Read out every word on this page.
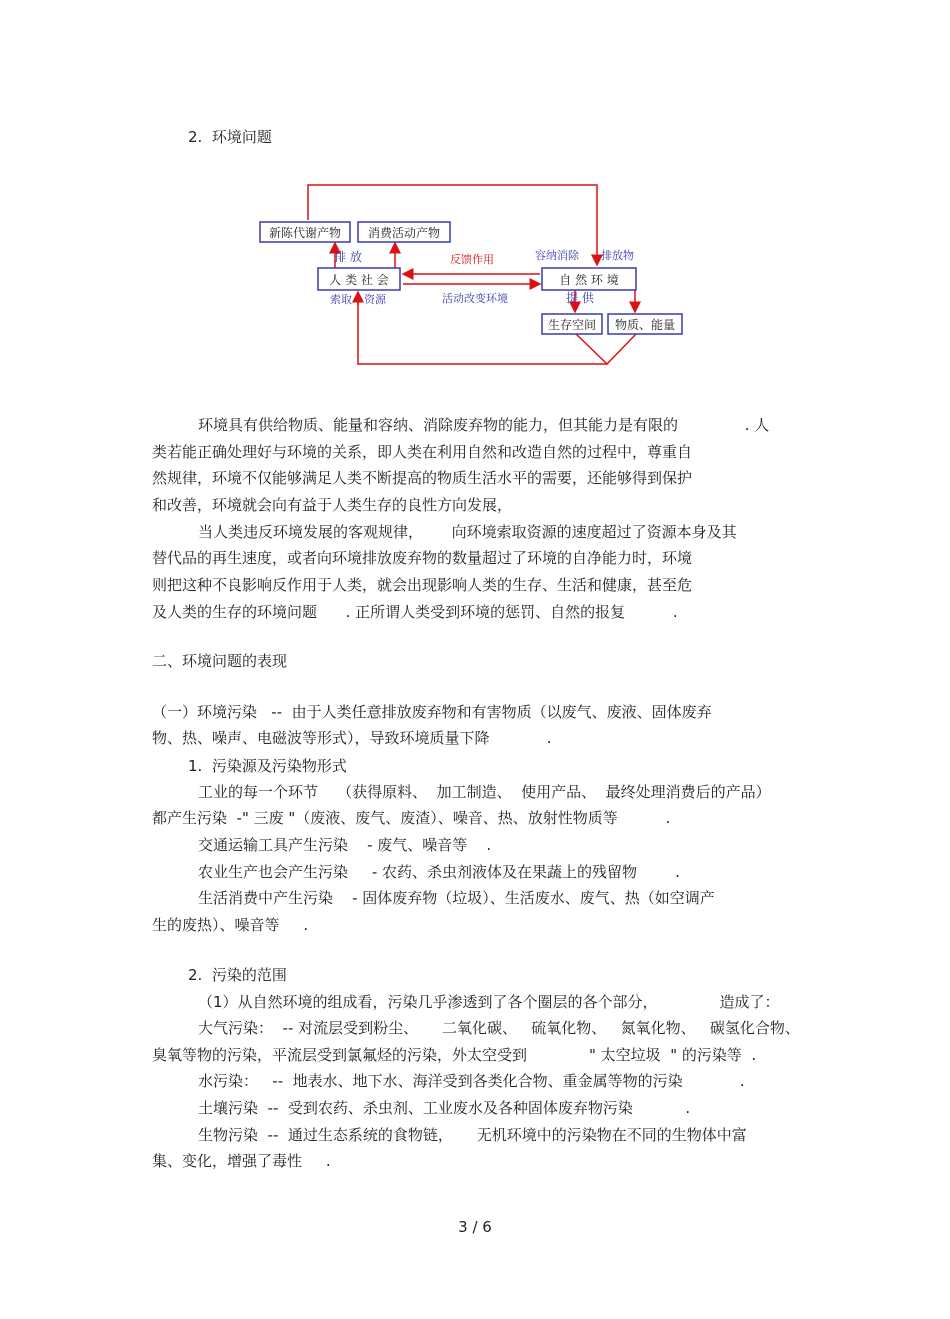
2.  环境问题
新陈代谢产物 消费活动产物
人 类 社 会	自 然 环 境
生存空间 物质、能量
排 放	反馈作用	容纳消除 排放物
索取 资源	活动改变环境	提 供
环境具有供给物质、能量和容纳、消除废弃物的能力，但其能力是有限的              . 人
类若能正确处理好与环境的关系，即人类在利用自然和改造自然的过程中，尊重自
然规律，环境不仅能够满足人类不断提高的物质生活水平的需要，还能够得到保护
和改善，环境就会向有益于人类生存的良性方向发展，
当人类违反环境发展的客观规律，      向环境索取资源的速度超过了资源本身及其
替代品的再生速度，或者向环境排放废弃物的数量超过了环境的自净能力时，环境
则把这种不良影响反作用于人类，就会出现影响人类的生存、生活和健康，甚至危
及人类的生存的环境问题      . 正所谓人类受到环境的惩罚、自然的报复          .
二、环境问题的表现
（一）环境污染   --  由于人类任意排放废弃物和有害物质（以废气、废液、固体废弃
物、热、噪声、电磁波等形式），导致环境质量下降            .
1.  污染源及污染物形式
工业的每一个环节    （获得原料、  加工制造、  使用产品、  最终处理消费后的产品）
都产生污染  -" 三废 "（废液、废气、废渣）、噪音、热、放射性物质等          .
交通运输工具产生污染    - 废气、噪音等    .
农业生产也会产生污染     - 农药、杀虫剂液体及在果蔬上的残留物        .
生活消费中产生污染    - 固体废弃物（垃圾）、生活废水、废气、热（如空调产
生的废热）、噪音等     .
2.  污染的范围
（1）从自然环境的组成看，污染几乎渗透到了各个圈层的各个部分，             造成了：
大气污染：  -- 对流层受到粉尘、     二氧化碳、   硫氧化物、   氮氧化物、   碳氢化合物、
臭氧等物的污染，平流层受到氯氟烃的污染，外太空受到             " 太空垃圾  " 的污染等  .
水污染：   --  地表水、地下水、海洋受到各类化合物、重金属等物的污染            .
土壤污染  --  受到农药、杀虫剂、工业废水及各种固体废弃物污染           .
生物污染  --  通过生态系统的食物链，     无机环境中的污染物在不同的生物体中富
集、变化，增强了毒性     .
3 / 6
